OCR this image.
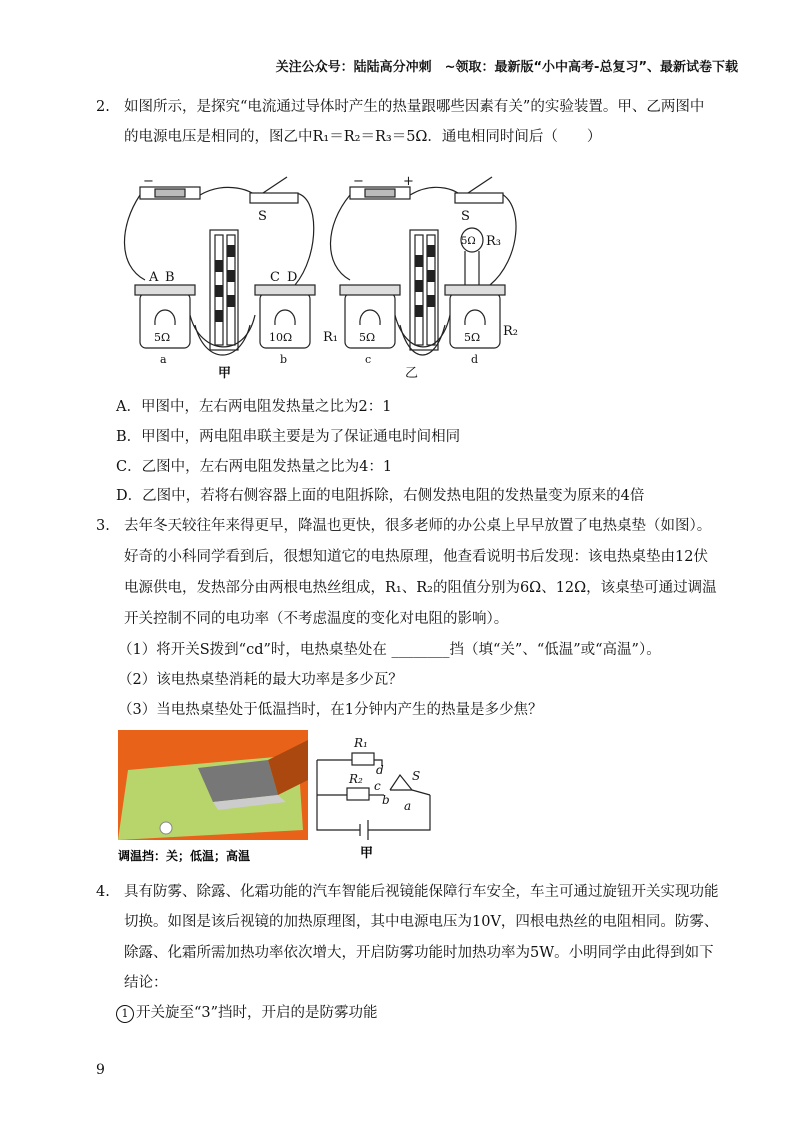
关注公众号：陆陆高分冲刺　~领取：最新版“小中高考-总复习”、最新试卷下载
2. 如图所示，是探究“电流通过导体时产生的热量跟哪些因素有关”的实验装置。甲、乙两图中
的电源电压是相同的，图乙中R₁＝R₂＝R₃＝5Ω．通电相同时间后（　　）
−
S
A B	C D
5Ω	10Ω
a	b
甲
−	+
S
5Ω R₃
R₁	R₂
5Ω	5Ω
c	d
乙
A．甲图中，左右两电阻发热量之比为2：1
B．甲图中，两电阻串联主要是为了保证通电时间相同
C．乙图中，左右两电阻发热量之比为4：1
D．乙图中，若将右侧容器上面的电阻拆除，右侧发热电阻的发热量变为原来的4倍
3. 去年冬天较往年来得更早，降温也更快，很多老师的办公桌上早早放置了电热桌垫（如图）。
好奇的小科同学看到后，很想知道它的电热原理，他查看说明书后发现：该电热桌垫由12伏
电源供电，发热部分由两根电热丝组成，R₁、R₂的阻值分别为6Ω、12Ω，该桌垫可通过调温
开关控制不同的电功率（不考虑温度的变化对电阻的影响）。
（1）将开关S拨到“cd”时，电热桌垫处在 ________挡（填“关”、“低温”或“高温”）。
（2）该电热桌垫消耗的最大功率是多少瓦？
（3）当电热桌垫处于低温挡时，在1分钟内产生的热量是多少焦？
调温挡：关；低温；高温
R₁
R₂
d
c
b a
S
甲
4. 具有防雾、除露、化霜功能的汽车智能后视镜能保障行车安全，车主可通过旋钮开关实现功能
切换。如图是该后视镜的加热原理图，其中电源电压为10V，四根电热丝的电阻相同。防雾、
除露、化霜所需加热功率依次增大，开启防雾功能时加热功率为5W。小明同学由此得到如下
结论：
1 开关旋至“3”挡时，开启的是防雾功能
9
